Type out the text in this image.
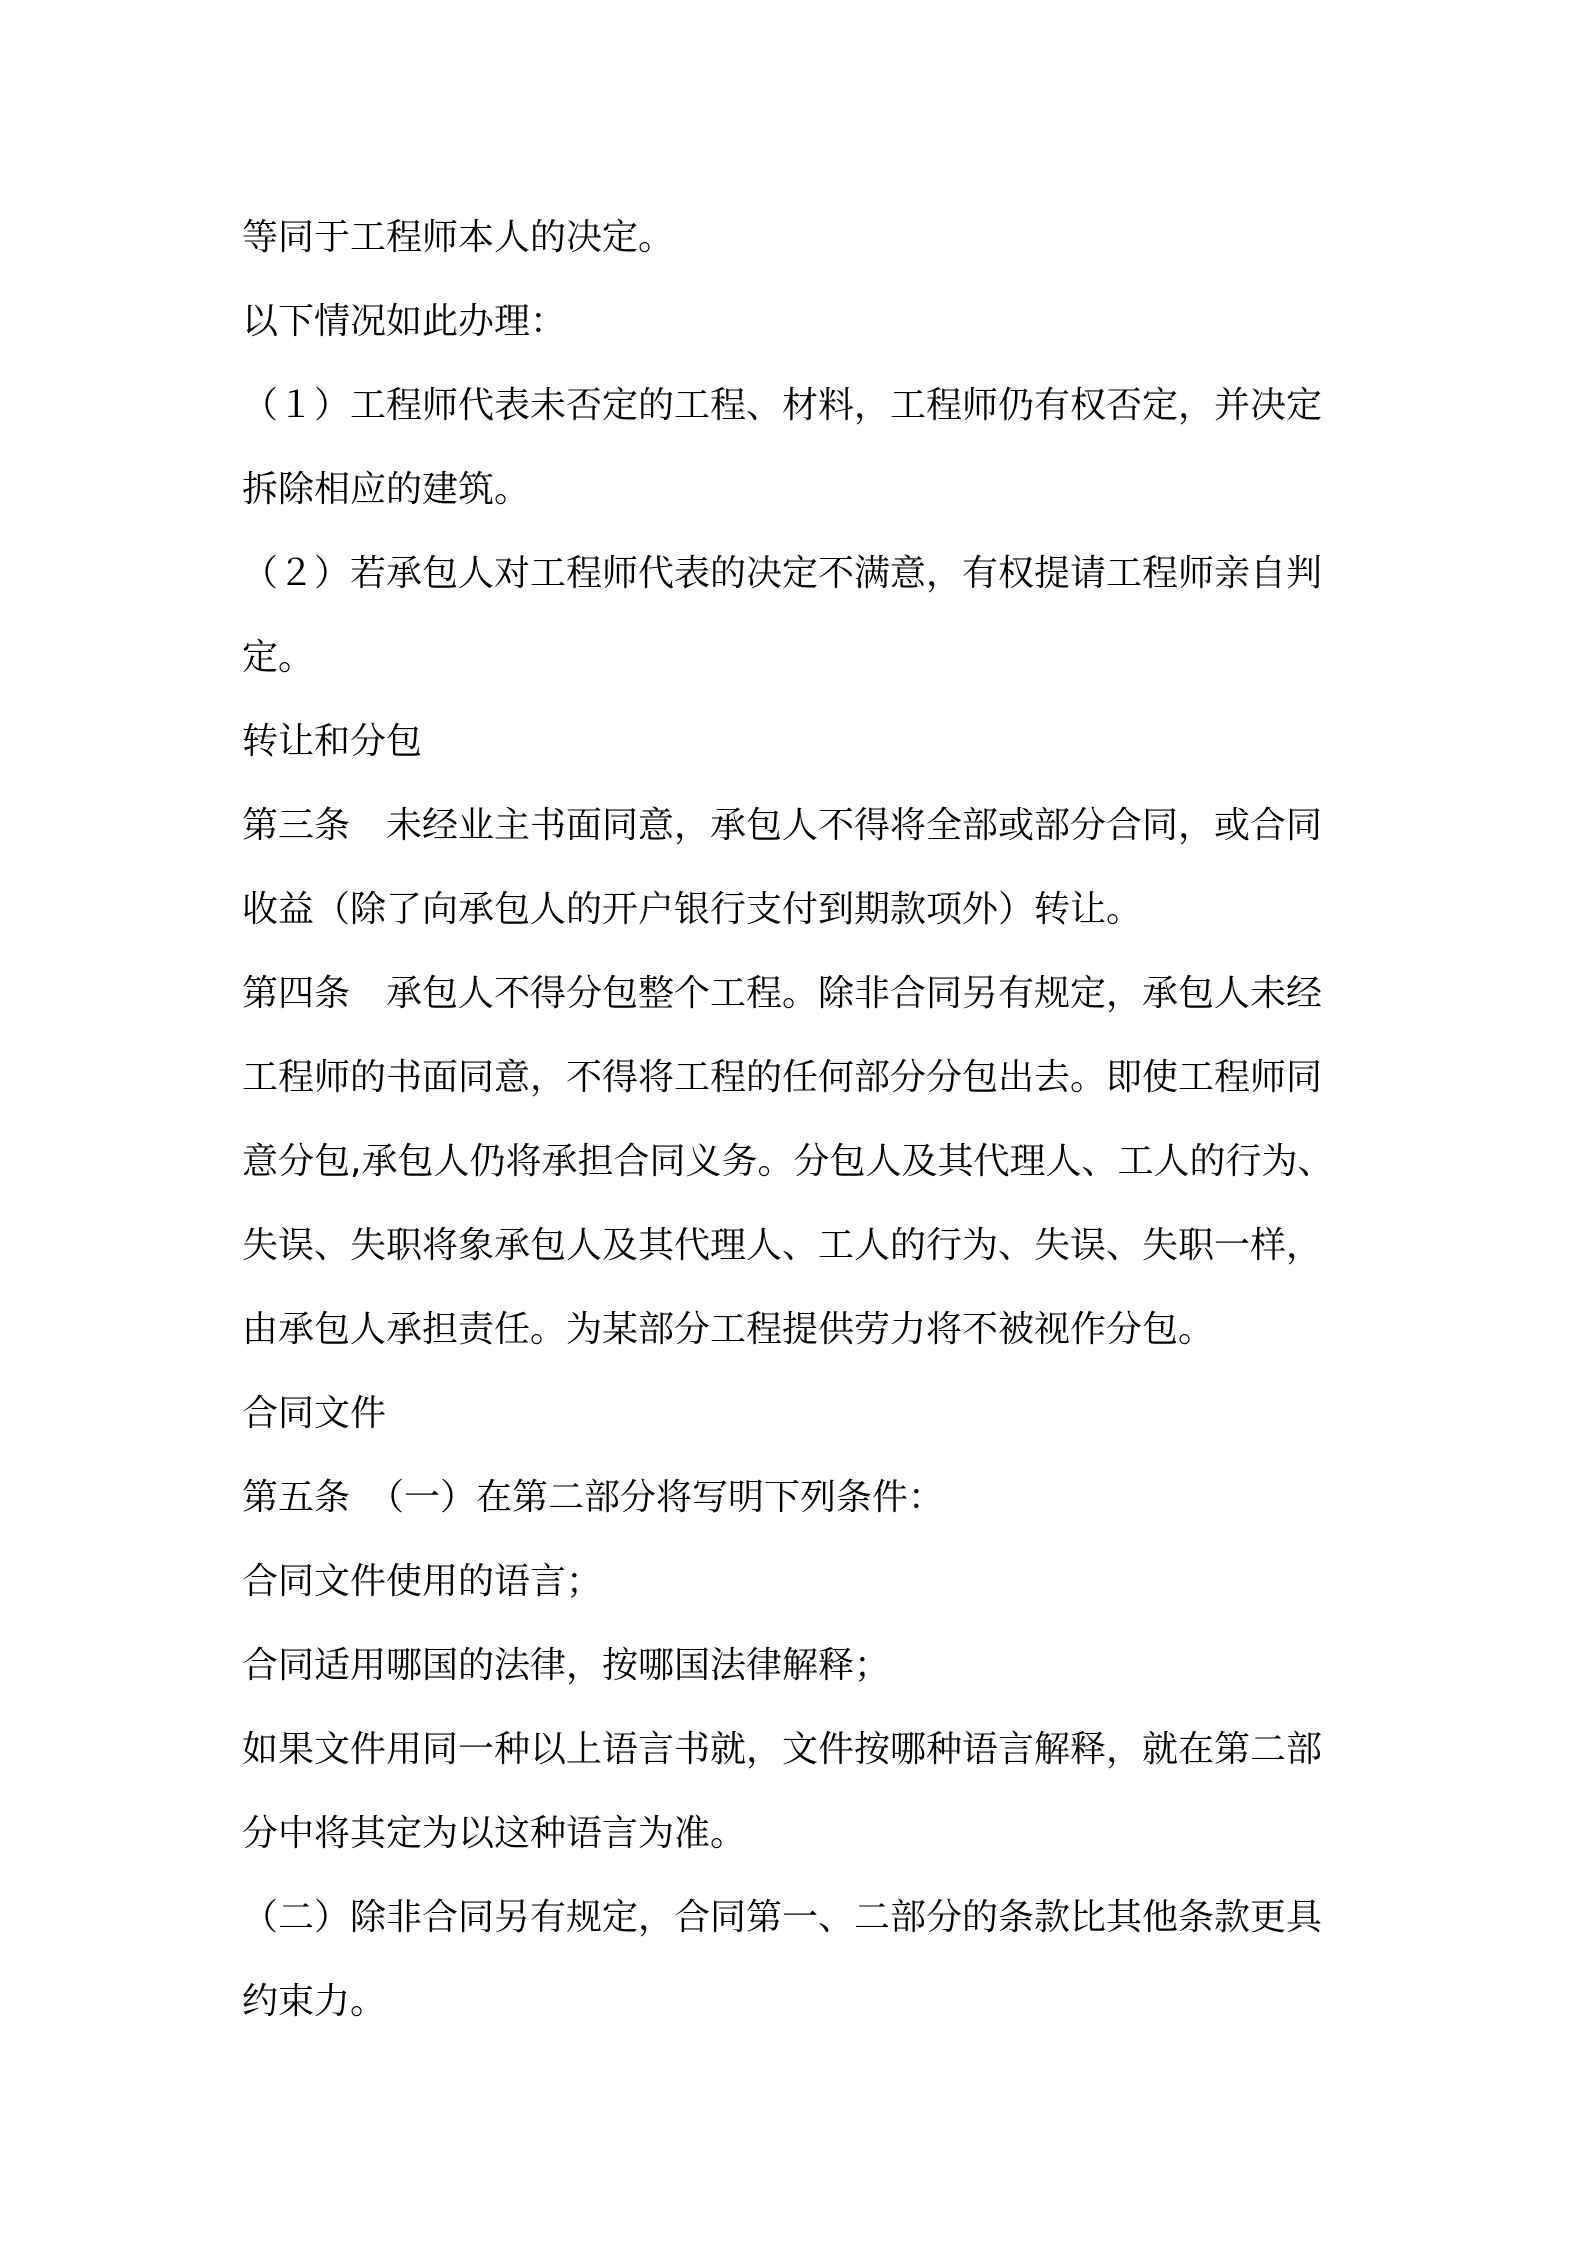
等同于工程师本人的决定。
以下情况如此办理：
（１）工程师代表未否定的工程、材料，工程师仍有权否定，并决定
拆除相应的建筑。
（２）若承包人对工程师代表的决定不满意，有权提请工程师亲自判
定。
转让和分包
第三条　未经业主书面同意，承包人不得将全部或部分合同，或合同
收益（除了向承包人的开户银行支付到期款项外）转让。
第四条　承包人不得分包整个工程。除非合同另有规定，承包人未经
工程师的书面同意，不得将工程的任何部分分包出去。即使工程师同
意分包,承包人仍将承担合同义务。分包人及其代理人、工人的行为、
失误、失职将象承包人及其代理人、工人的行为、失误、失职一样，
由承包人承担责任。为某部分工程提供劳力将不被视作分包。
合同文件
第五条　（一）在第二部分将写明下列条件：
合同文件使用的语言；
合同适用哪国的法律，按哪国法律解释；
如果文件用同一种以上语言书就，文件按哪种语言解释，就在第二部
分中将其定为以这种语言为准。
（二）除非合同另有规定，合同第一、二部分的条款比其他条款更具
约束力。
